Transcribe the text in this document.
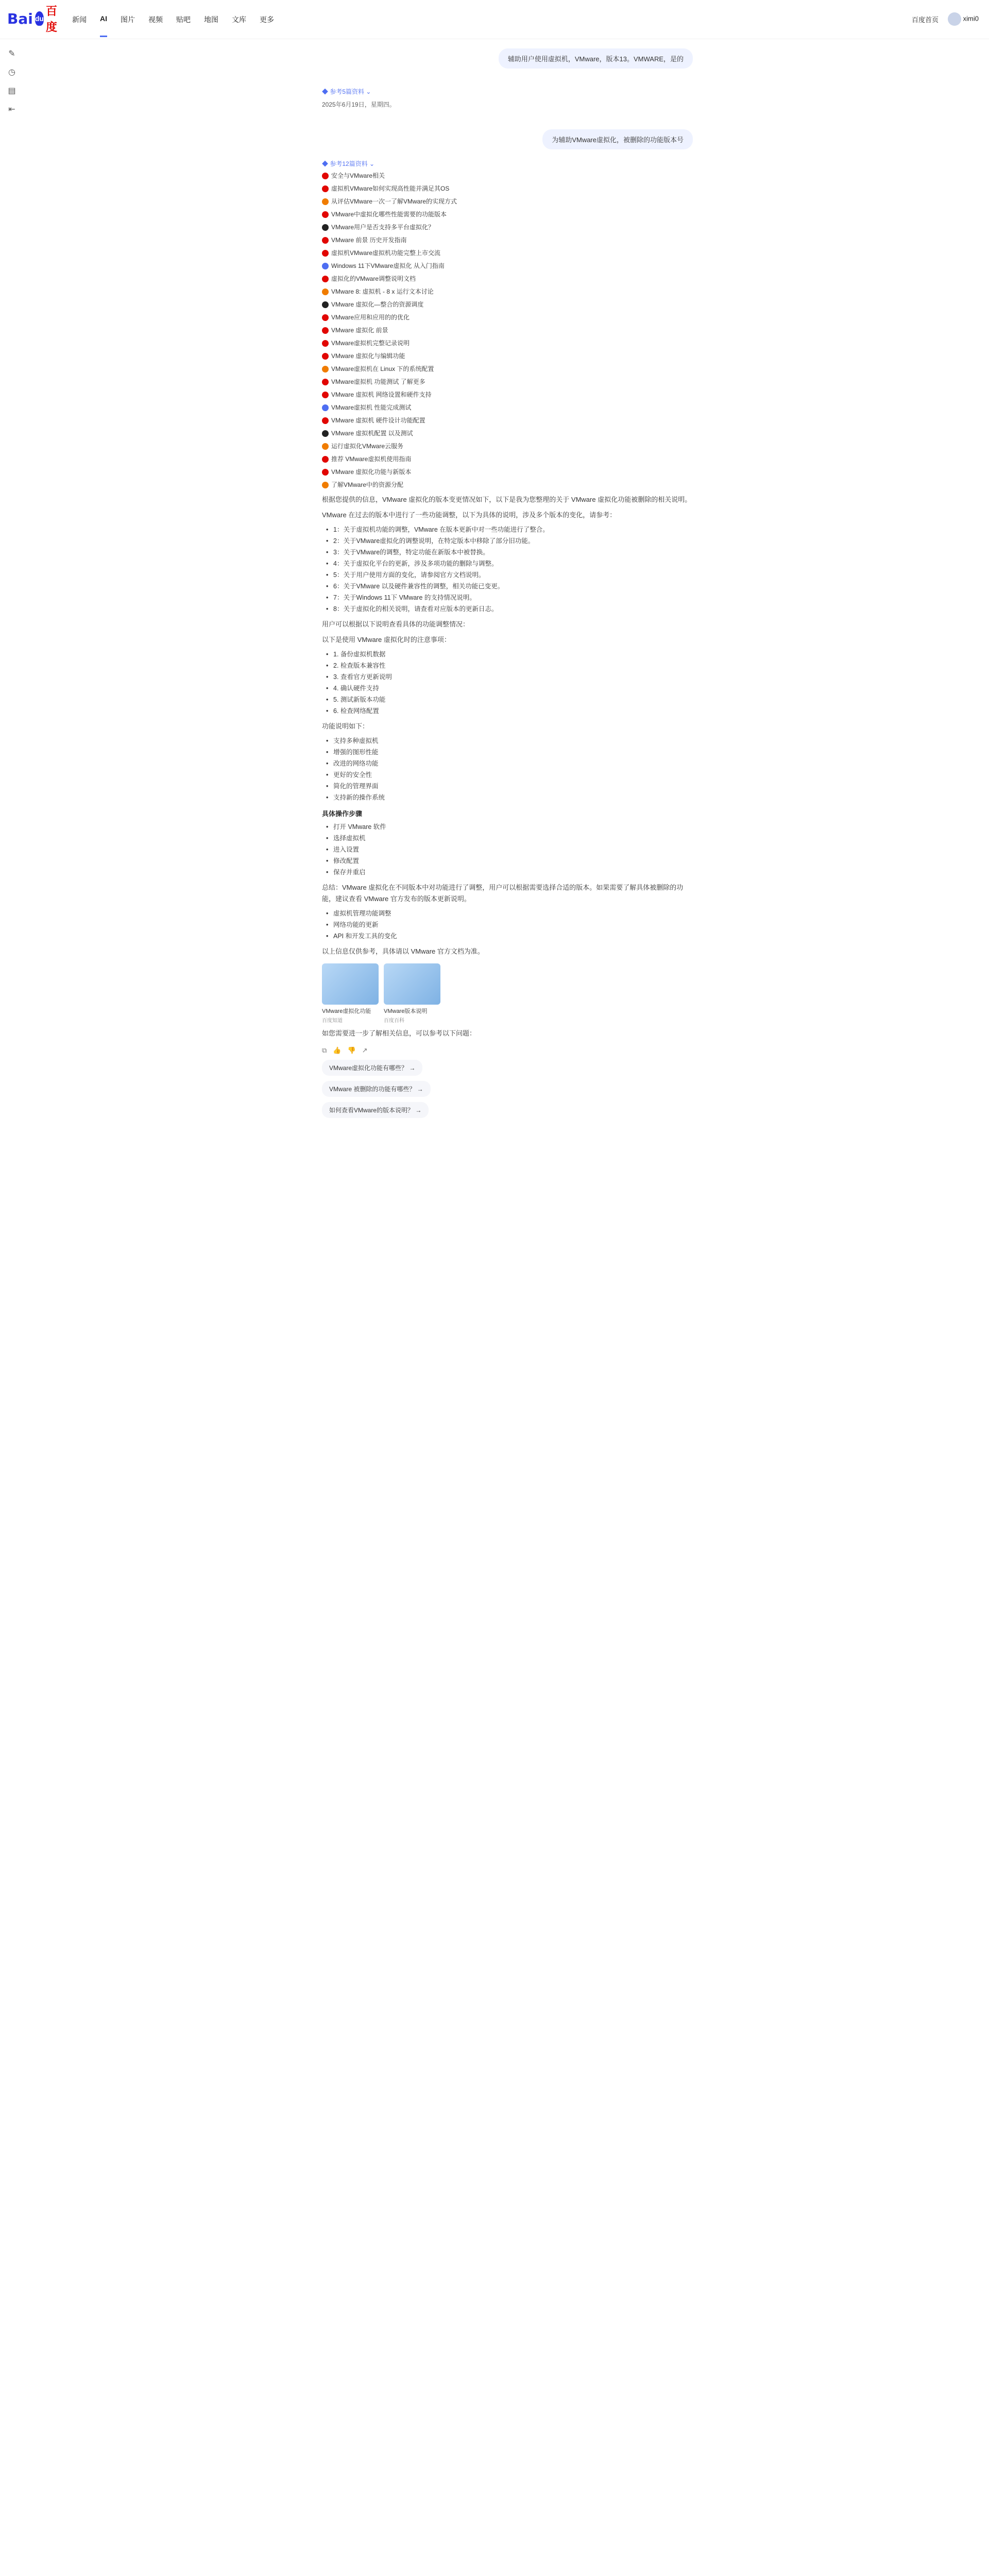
Bai du
百度
新闻 AI 图片 视频 贴吧 地图 文库 更多	百度首页	ximi0
✎
◷
▤
⇤
辅助用户使用虚拟机，VMware，版本13。VMWARE，是的
◆ 参考5篇资料 ⌄
2025年6月19日，星期四。
为辅助VMware虚拟化，被删除的功能版本号
◆ 参考12篇资料 ⌄
安全与VMware相关
虚拟机VMware如何实现高性能并满足其OS
从评估VMware一次一了解VMware的实现方式
VMware中虚拟化哪些性能需要的功能版本
VMware用户是否支持多平台虚拟化？
VMware 前景 历史开发指南
虚拟机VMware虚拟机功能完整上市交流
Windows 11下VMware虚拟化 从入门指南
虚拟化的VMware调整说明文档
VMware 8: 虚拟机 - 8 x 运行文本讨论
VMware 虚拟化—整合的资源调度
VMware应用和应用的的优化
VMware 虚拟化 前景
VMware虚拟机完整记录说明
VMware 虚拟化与编辑功能
VMware虚拟机在 Linux 下的系统配置
VMware虚拟机 功能测试 了解更多
VMware 虚拟机 网络设置和硬件支持
VMware虚拟机 性能完成测试
VMware 虚拟机 硬件设计功能配置
VMware 虚拟机配置 以及测试
运行虚拟化VMware云服务
推荐 VMware虚拟机使用指南
VMware 虚拟化功能与新版本
了解VMware中的资源分配

根据您提供的信息，VMware 虚拟化的版本变更情况如下，以下是我为您整理的关于 VMware 虚拟化功能被删除的相关说明。

VMware 在过去的版本中进行了一些功能调整，以下为具体的说明，涉及多个版本的变化，请参考：

• 1：关于虚拟机功能的调整，VMware 在版本更新中对一些功能进行了整合。
• 2：关于VMware虚拟化的调整说明，在特定版本中移除了部分旧功能。
• 3：关于VMware的调整，特定功能在新版本中被替换。
• 4：关于虚拟化平台的更新，涉及多项功能的删除与调整。
• 5：关于用户使用方面的变化，请参阅官方文档说明。
• 6：关于VMware 以及硬件兼容性的调整，相关功能已变更。
• 7：关于Windows 11下 VMware 的支持情况说明。
• 8：关于虚拟化的相关说明，请查看对应版本的更新日志。

用户可以根据以下说明查看具体的功能调整情况：

以下是使用 VMware 虚拟化时的注意事项：

• 1. 备份虚拟机数据
• 2. 检查版本兼容性
• 3. 查看官方更新说明
• 4. 确认硬件支持
• 5. 测试新版本功能
• 6. 检查网络配置

功能说明如下：

• 支持多种虚拟机
• 增强的图形性能
• 改进的网络功能
• 更好的安全性
• 简化的管理界面
• 支持新的操作系统
具体操作步骤
• 打开 VMware 软件
• 选择虚拟机
• 进入设置
• 修改配置
• 保存并重启

总结：VMware 虚拟化在不同版本中对功能进行了调整，用户可以根据需要选择合适的版本。如果需要了解具体被删除的功能，建议查看 VMware 官方发布的版本更新说明。

• 虚拟机管理功能调整
• 网络功能的更新
• API 和开发工具的变化

以上信息仅供参考，具体请以 VMware 官方文档为准。

VMware虚拟化功能
百度知道
VMware版本说明
百度百科

如您需要进一步了解相关信息，可以参考以下问题：

⧉ 👍 👎 ↗
VMware虚拟化功能有哪些？ →
VMware 被删除的功能有哪些？ →
如何查看VMware的版本说明？ →
